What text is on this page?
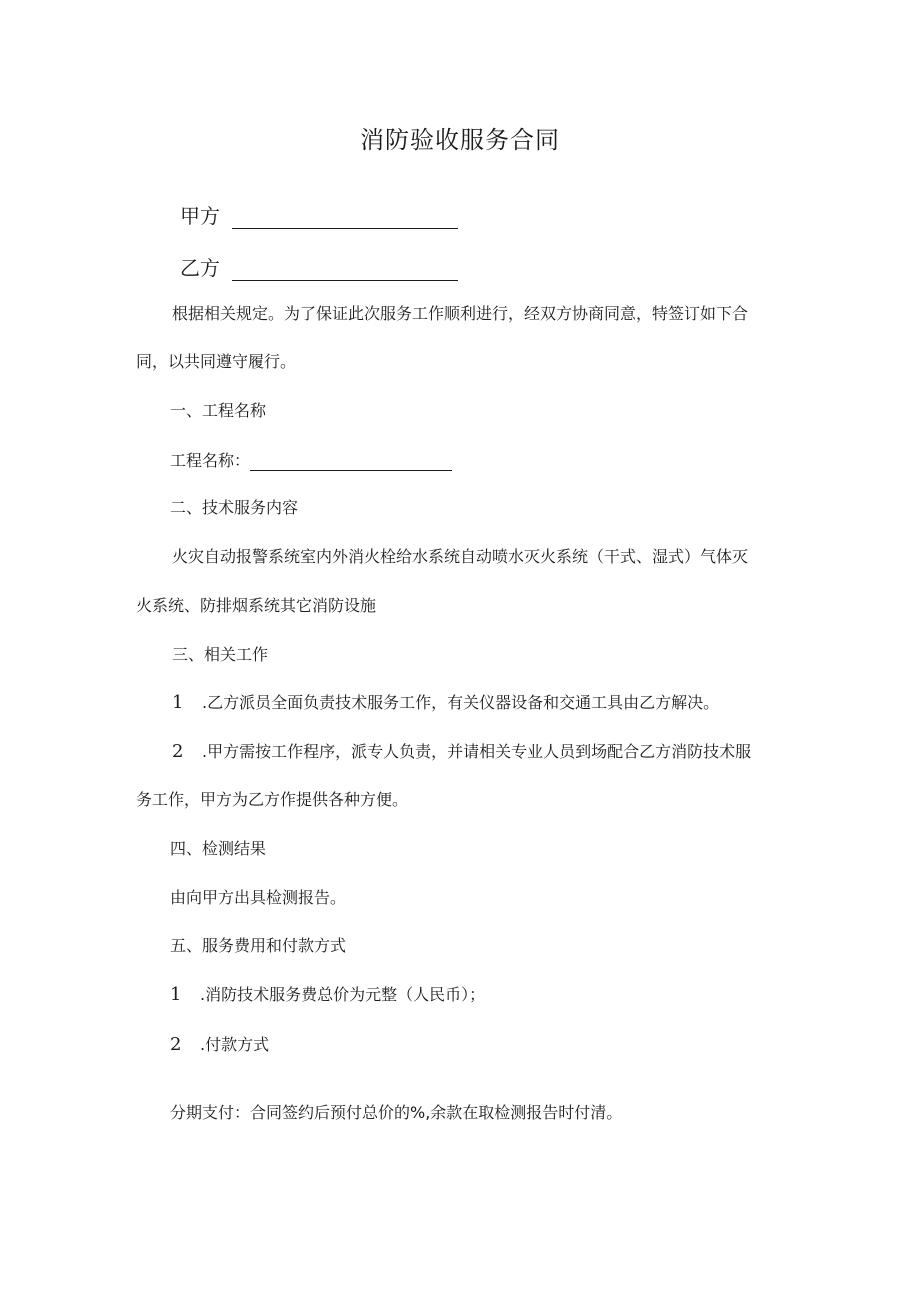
消防验收服务合同
甲方
乙方
根据相关规定。为了保证此次服务工作顺利进行，经双方协商同意，特签订如下合
同，以共同遵守履行。
一、工程名称
工程名称：
二、技术服务内容
火灾自动报警系统室内外消火栓给水系统自动喷水灭火系统（干式、湿式）气体灭
火系统、防排烟系统其它消防设施
三、相关工作
1 .乙方派员全面负责技术服务工作，有关仪器设备和交通工具由乙方解决。
2 .甲方需按工作程序，派专人负责，并请相关专业人员到场配合乙方消防技术服
务工作，甲方为乙方作提供各种方便。
四、检测结果
由向甲方出具检测报告。
五、服务费用和付款方式
1 .消防技术服务费总价为元整（人民币）；
2 .付款方式
分期支付：合同签约后预付总价的%,余款在取检测报告时付清。
